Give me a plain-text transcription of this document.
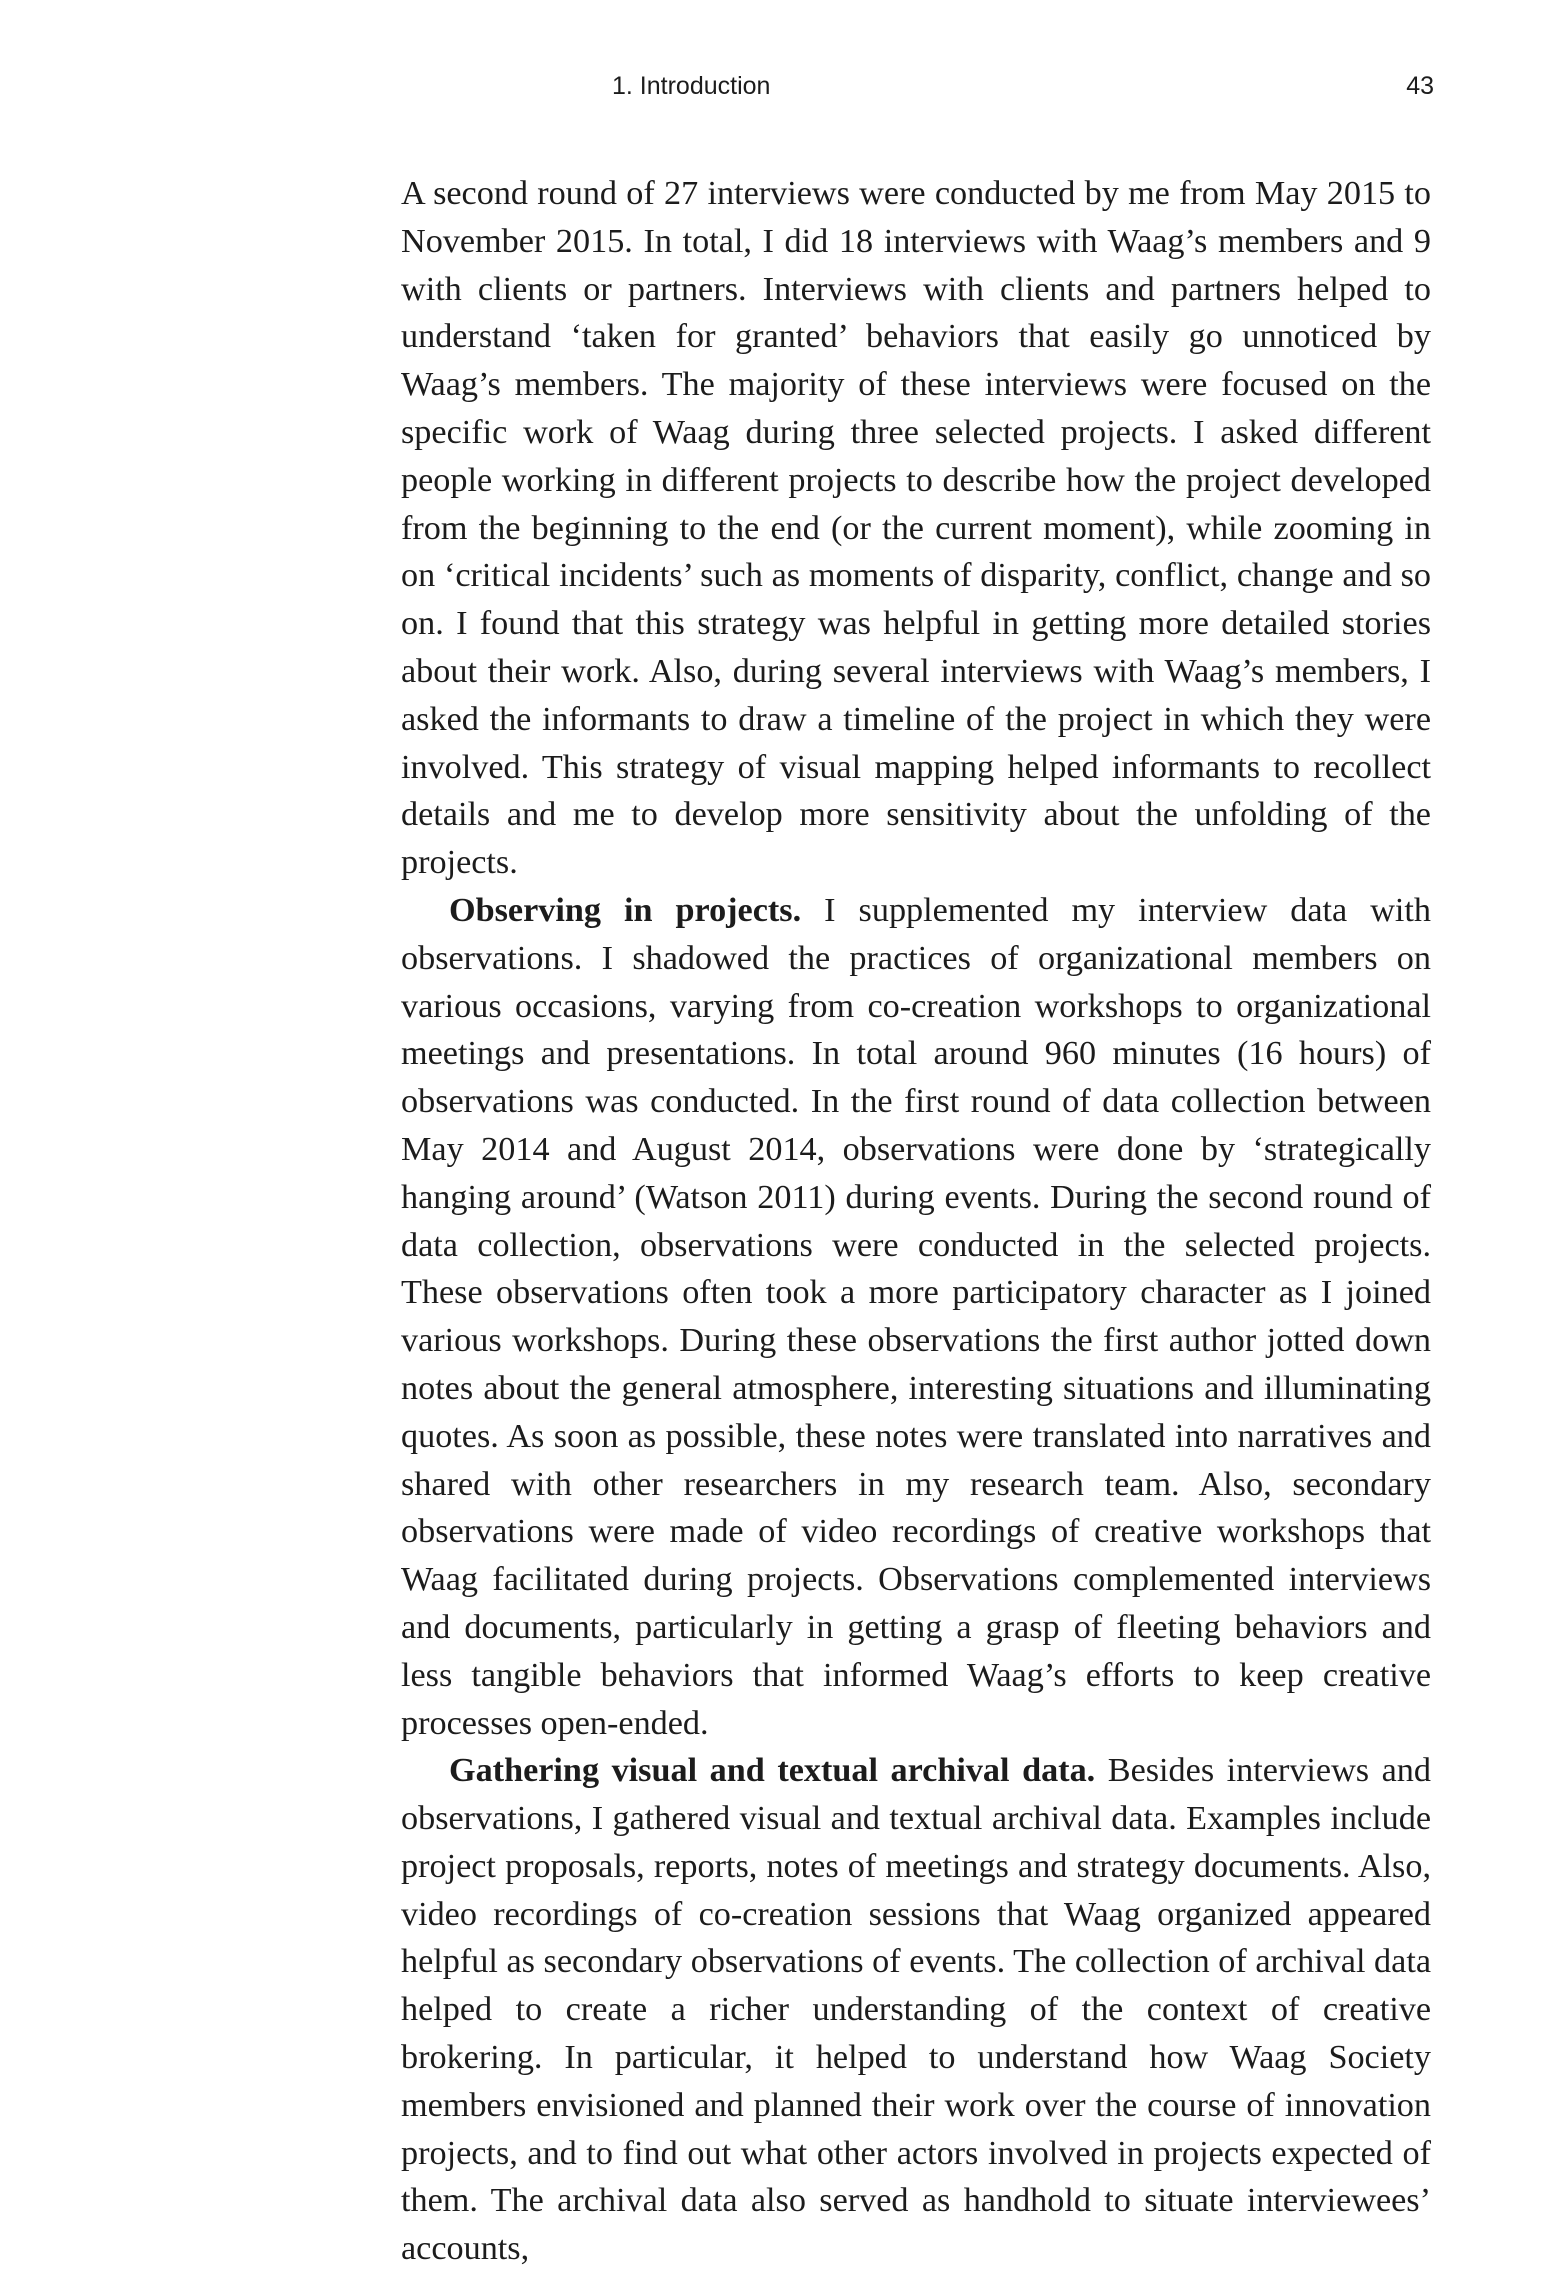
1. Introduction	43

A second round of 27 interviews were conducted by me from May 2015 to November 2015. In total, I did 18 interviews with Waag’s members and 9 with clients or partners. Interviews with clients and partners helped to understand ‘taken for granted’ behaviors that easily go unnoticed by Waag’s members. The majority of these interviews were focused on the specific work of Waag during three selected projects. I asked different people working in different projects to describe how the project developed from the beginning to the end (or the current moment), while zooming in on ‘critical incidents’ such as moments of disparity, conflict, change and so on. I found that this strategy was helpful in getting more detailed stories about their work. Also, during several interviews with Waag’s members, I asked the informants to draw a timeline of the project in which they were involved. This strategy of visual mapping helped informants to recollect details and me to develop more sensitivity about the unfolding of the projects.

Observing in projects. I supplemented my interview data with observations. I shadowed the practices of organizational members on various occasions, varying from co-creation workshops to organizational meetings and presentations. In total around 960 minutes (16 hours) of observations was conducted. In the first round of data collection between May 2014 and August 2014, observations were done by ‘strategically hanging around’ (Watson 2011) during events. During the second round of data collection, observations were conducted in the selected projects. These observations often took a more participatory character as I joined various workshops. During these observations the first author jotted down notes about the general atmosphere, interesting situations and illuminating quotes. As soon as possible, these notes were translated into narratives and shared with other researchers in my research team. Also, secondary observations were made of video recordings of creative workshops that Waag facilitated during projects. Observations complemented interviews and documents, particularly in getting a grasp of fleeting behaviors and less tangible behaviors that informed Waag’s efforts to keep creative processes open-ended.

Gathering visual and textual archival data. Besides interviews and observations, I gathered visual and textual archival data. Examples include project proposals, reports, notes of meetings and strategy documents. Also, video recordings of co-creation sessions that Waag organized appeared helpful as secondary observations of events. The collection of archival data helped to create a richer understanding of the context of creative brokering. In particular, it helped to understand how Waag Society members envisioned and planned their work over the course of innovation projects, and to find out what other actors involved in projects expected of them. The archival data also served as handhold to situate interviewees’ accounts,
